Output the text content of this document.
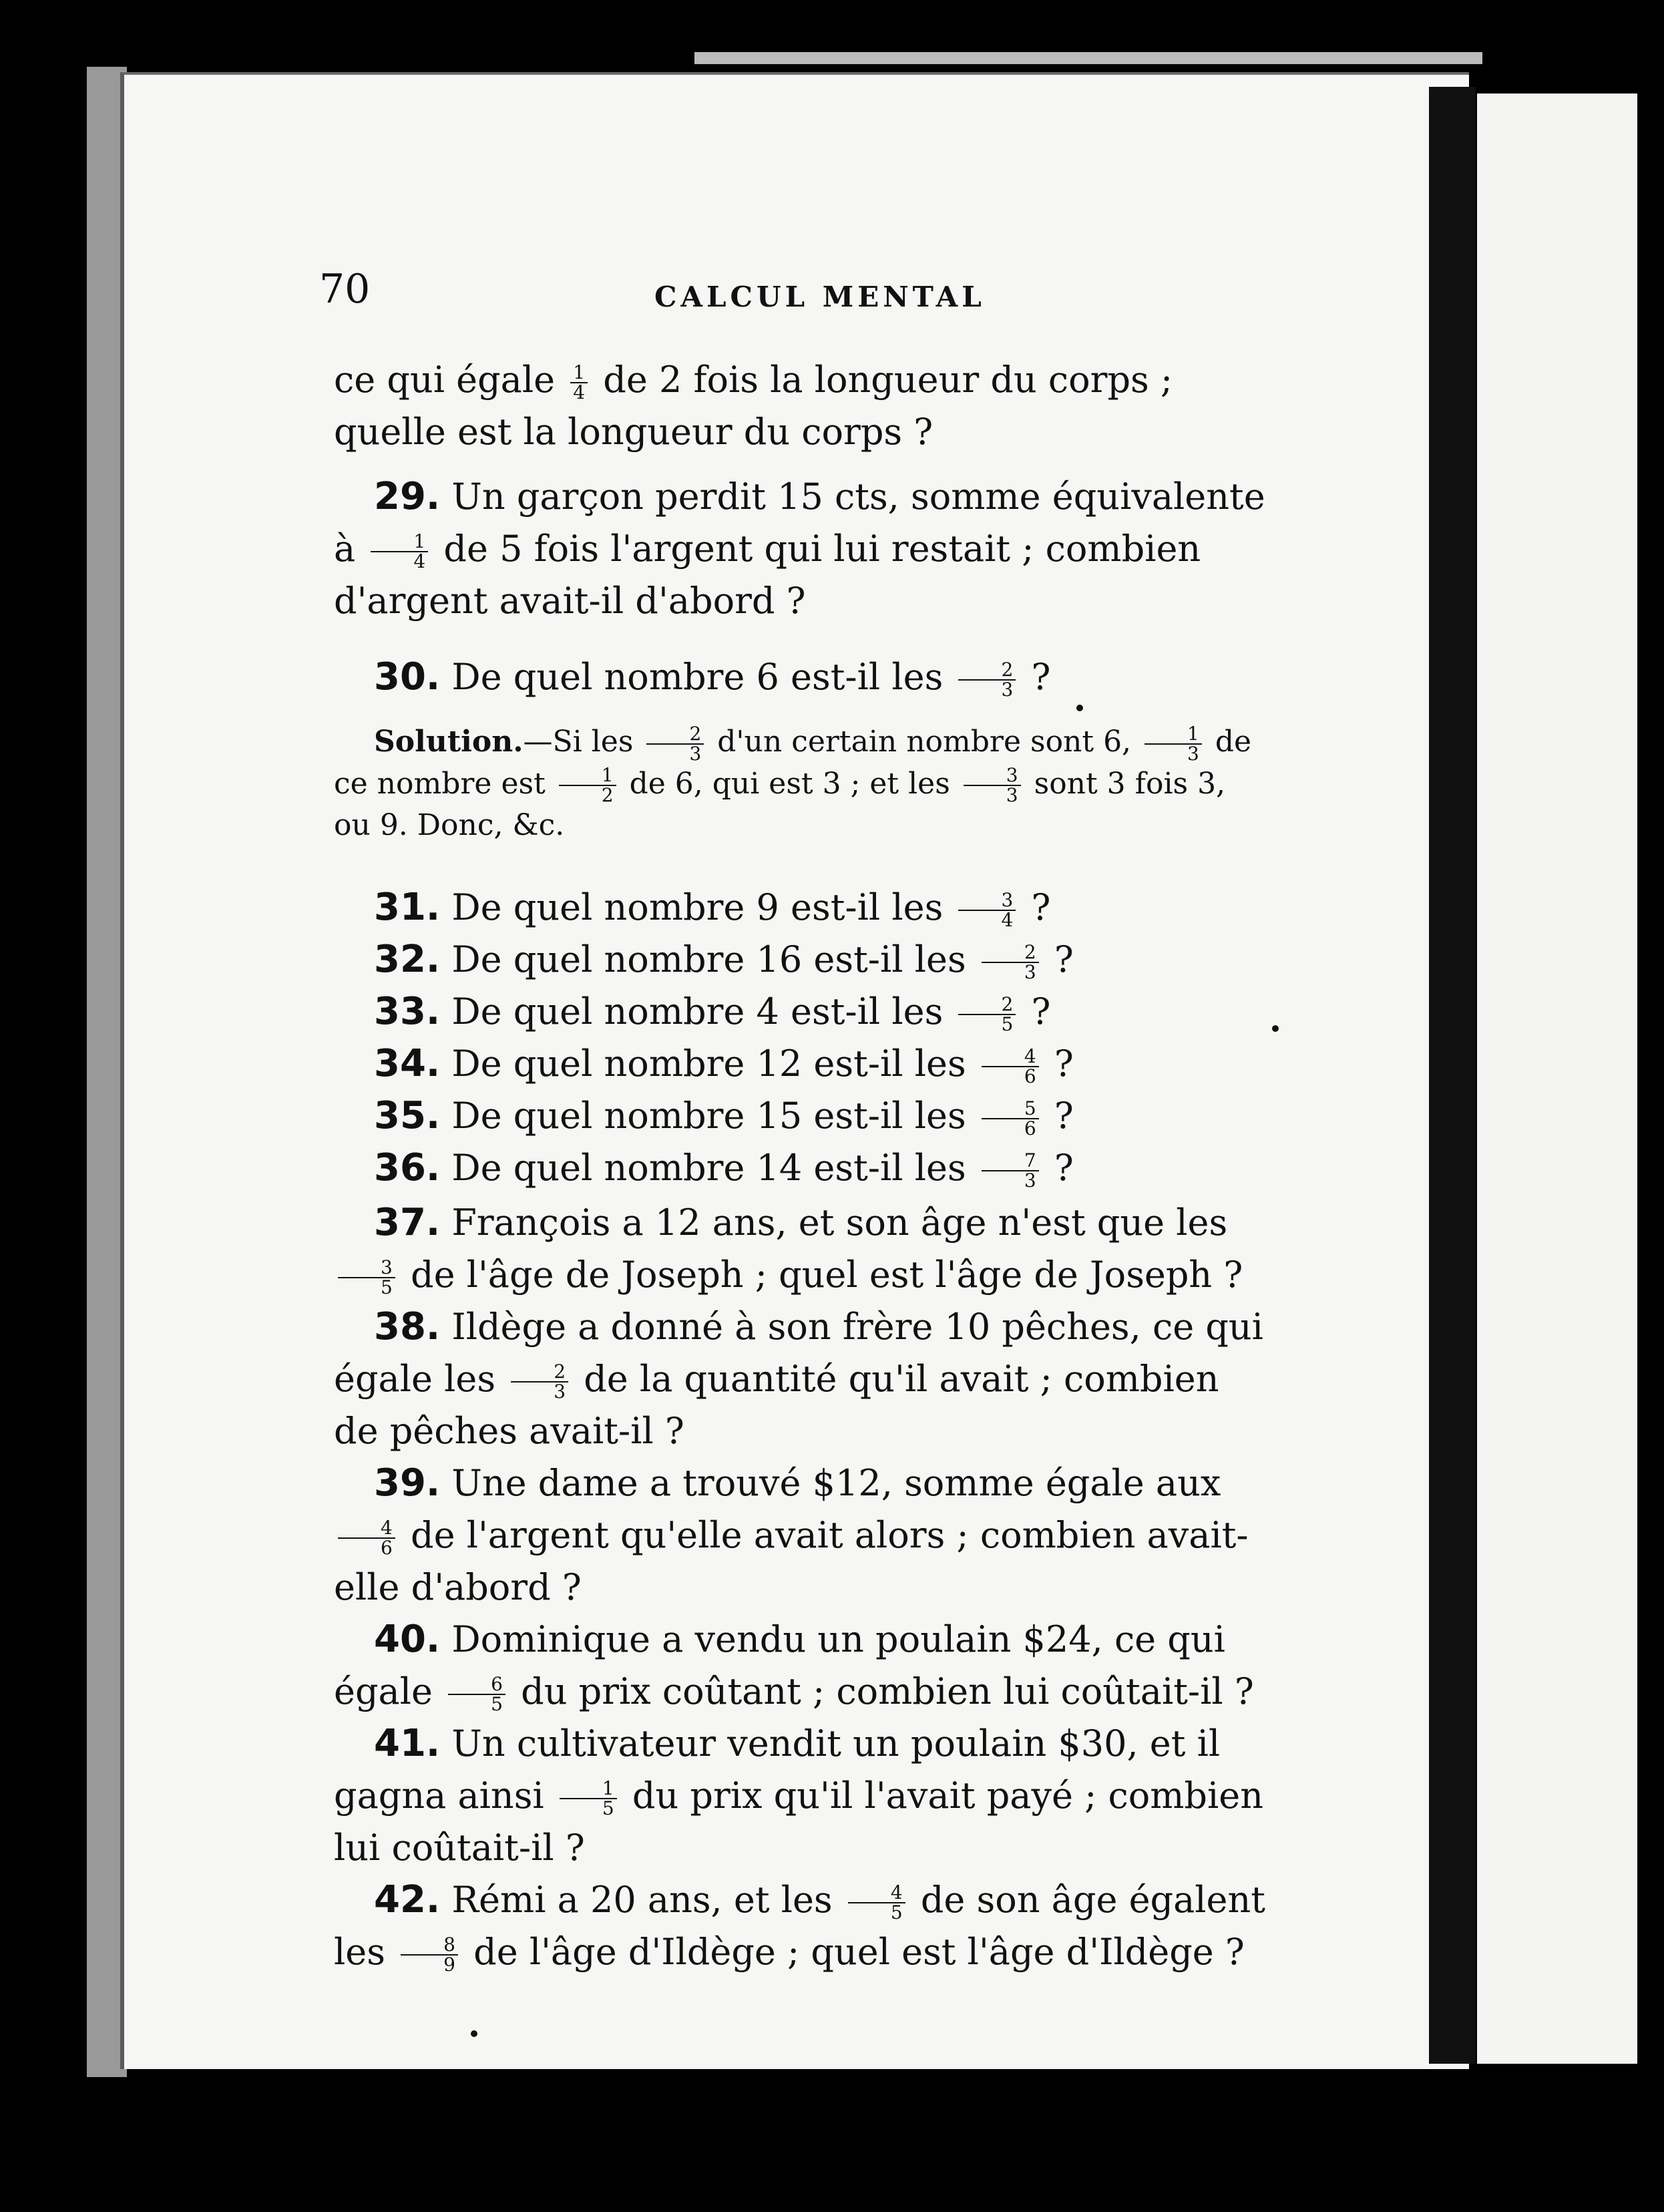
70	CALCUL MENTAL

ce qui égale $\frac{1}{4}$ de 2 fois la longueur du corps ; quelle est la longueur du corps ?

29. Un garçon perdit 15 cts, somme équivalente à $\frac{1}{4}$ de 5 fois l'argent qui lui restait ; combien d'argent avait-il d'abord ?

30. De quel nombre 6 est-il les $\frac{2}{3}$ ?

Solution.—Si les $\frac{2}{3} d'un$ certain nombre sont 6, $\frac{1}{3}$ de ce nombre est $\frac{1}{2}$ de 6, qui est 3 ; et les $\frac{3}{3}$ sont 3 fois 3, ou 9. Donc, &c.

31. De quel nombre 9 est-il les $\frac{3}{4}$ ?

32. De quel nombre 16 est-il les $\frac{2}{3}$ ?

33. De quel nombre 4 est-il les $\frac{2}{5}$ ?

34. De quel nombre 12 est-il les $\frac{4}{6}$ ?

35. De quel nombre 15 est-il les $\frac{5}{6}$ ?

36. De quel nombre 14 est-il les $\frac{7}{3}$ ?

37. François a 12 ans, et son âge n'est que les
$\frac{3}{5}$ de l'âge de Joseph ; quel est l'âge de Joseph ?

38. Ildège a donné à son frère 10 pêches, ce qui égale les $\frac{2}{3}$ de la quantité qu'il avait ; combien de pêches avait-il ?

39. Une dame a trouvé $12, somme égale aux
$\frac{4}{6}$ de l'argent qu'elle avait alors ; combien avait-elle d'abord ?

40. Dominique a vendu un poulain $24, ce qui égale $\frac{6}{5}$ du prix coûtant ; combien lui coûtait-il ?

41. Un cultivateur vendit un poulain $30, et il gagna ainsi $\frac{1}{5}$ du prix qu'il l'avait payé ; combien lui coûtait-il ?

42. Rémi a 20 ans, et les $\frac{4}{5}$ de son âge égalent les $\frac{8}{9}$ de l'âge d'Ildège ; quel est l'âge d'Ildège ?
